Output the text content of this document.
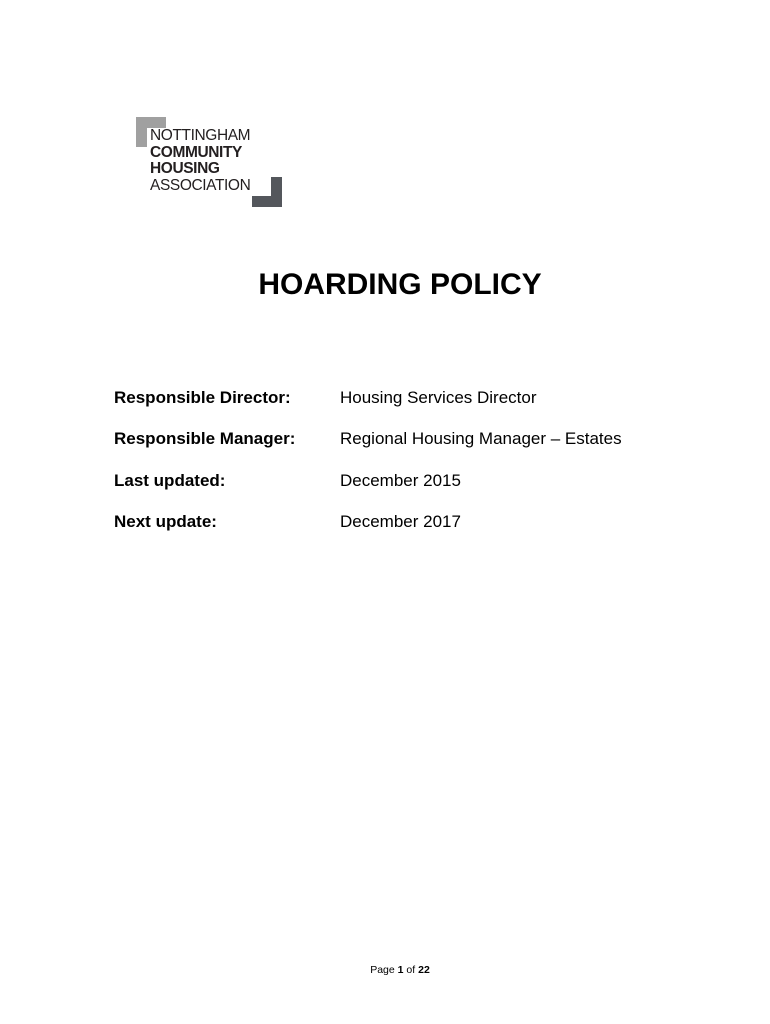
NOTTINGHAM
COMMUNITY
HOUSING
ASSOCIATION
HOARDING POLICY
Responsible Director:	Housing Services Director
Responsible Manager:	Regional Housing Manager – Estates
Last updated:	December 2015
Next update:	December 2017
Page 1 of 22
